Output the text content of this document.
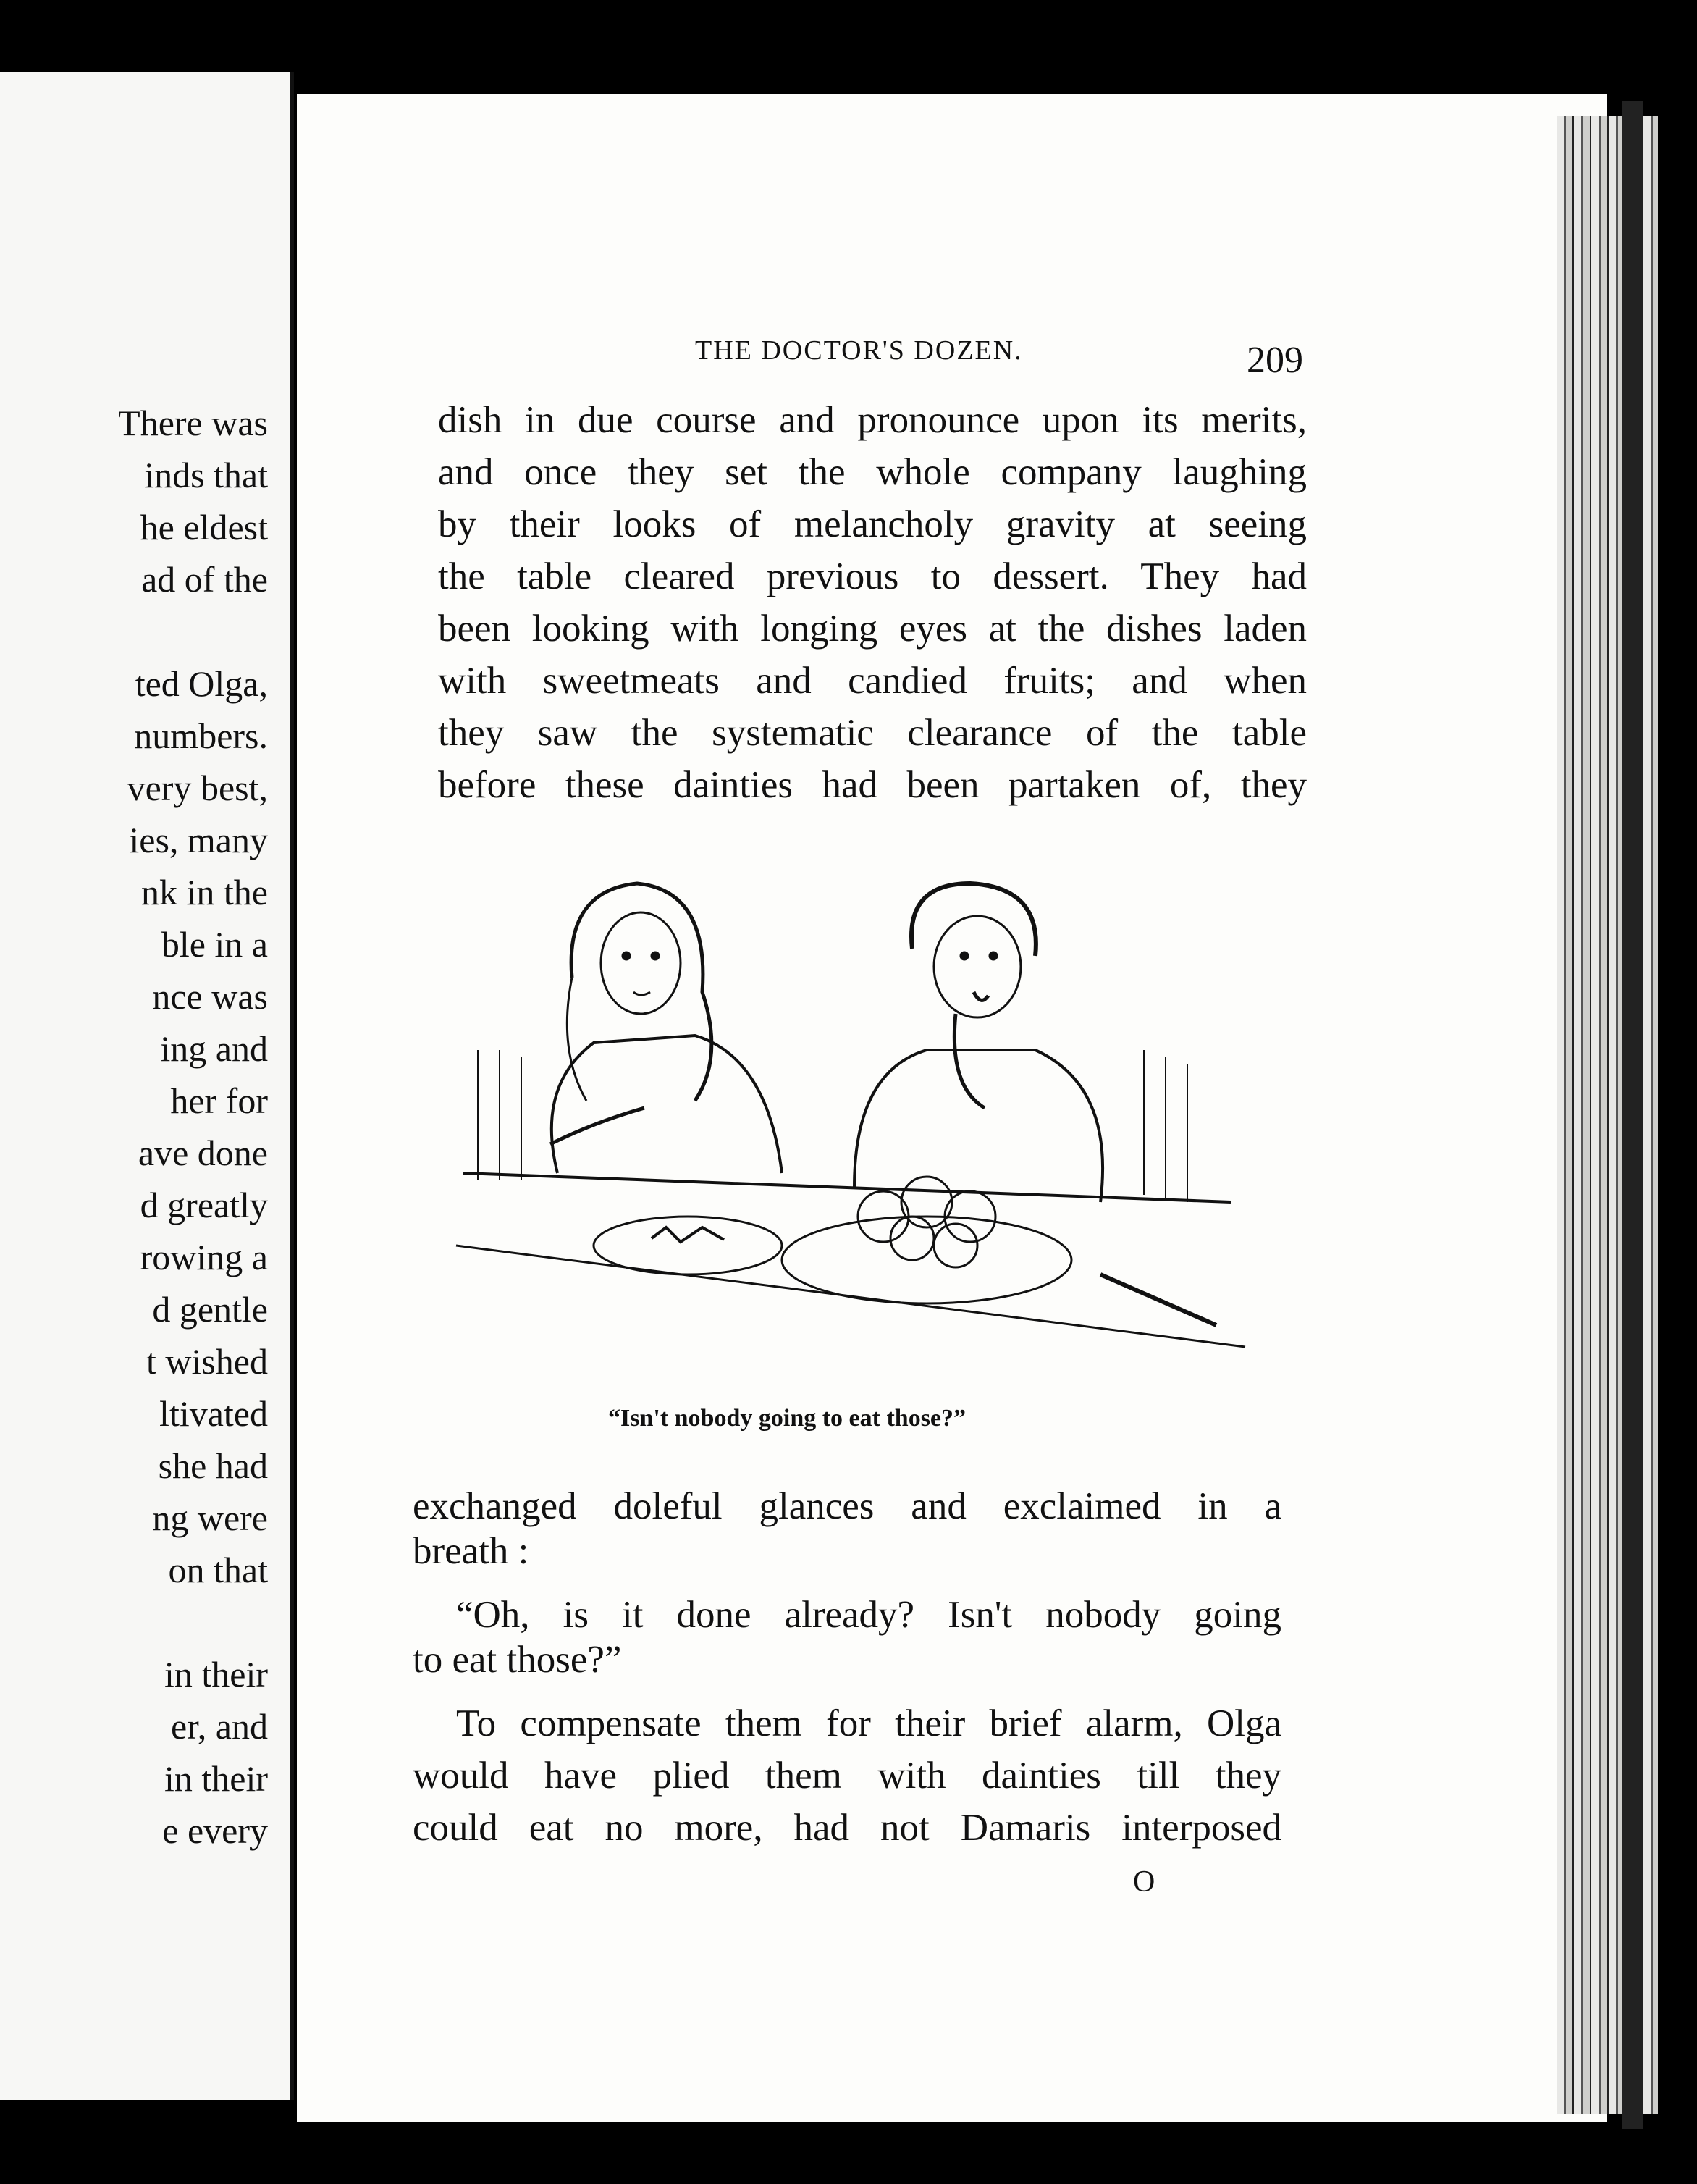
There was
inds that
he eldest
ad of the
ted Olga,
numbers.
very best,
ies, many
nk in the
ble in a
nce was
ing and
her for
ave done
d greatly
rowing a
d gentle
t wished
ltivated
she had
ng were
on that
in their
er, and
in their
e every
THE DOCTOR'S DOZEN.	209
dish in due course and pronounce upon its merits,
and once they set the whole company laughing
by their looks of melancholy gravity at seeing
the table cleared previous to dessert. They had
been looking with longing eyes at the dishes laden
with sweetmeats and candied fruits; and when
they saw the systematic clearance of the table
before these dainties had been partaken of, they
“Isn't nobody going to eat those?”
exchanged doleful glances and exclaimed in a
breath :
“Oh, is it done already? Isn't nobody going
to eat those?”
To compensate them for their brief alarm, Olga
would have plied them with dainties till they
could eat no more, had not Damaris interposed
O
